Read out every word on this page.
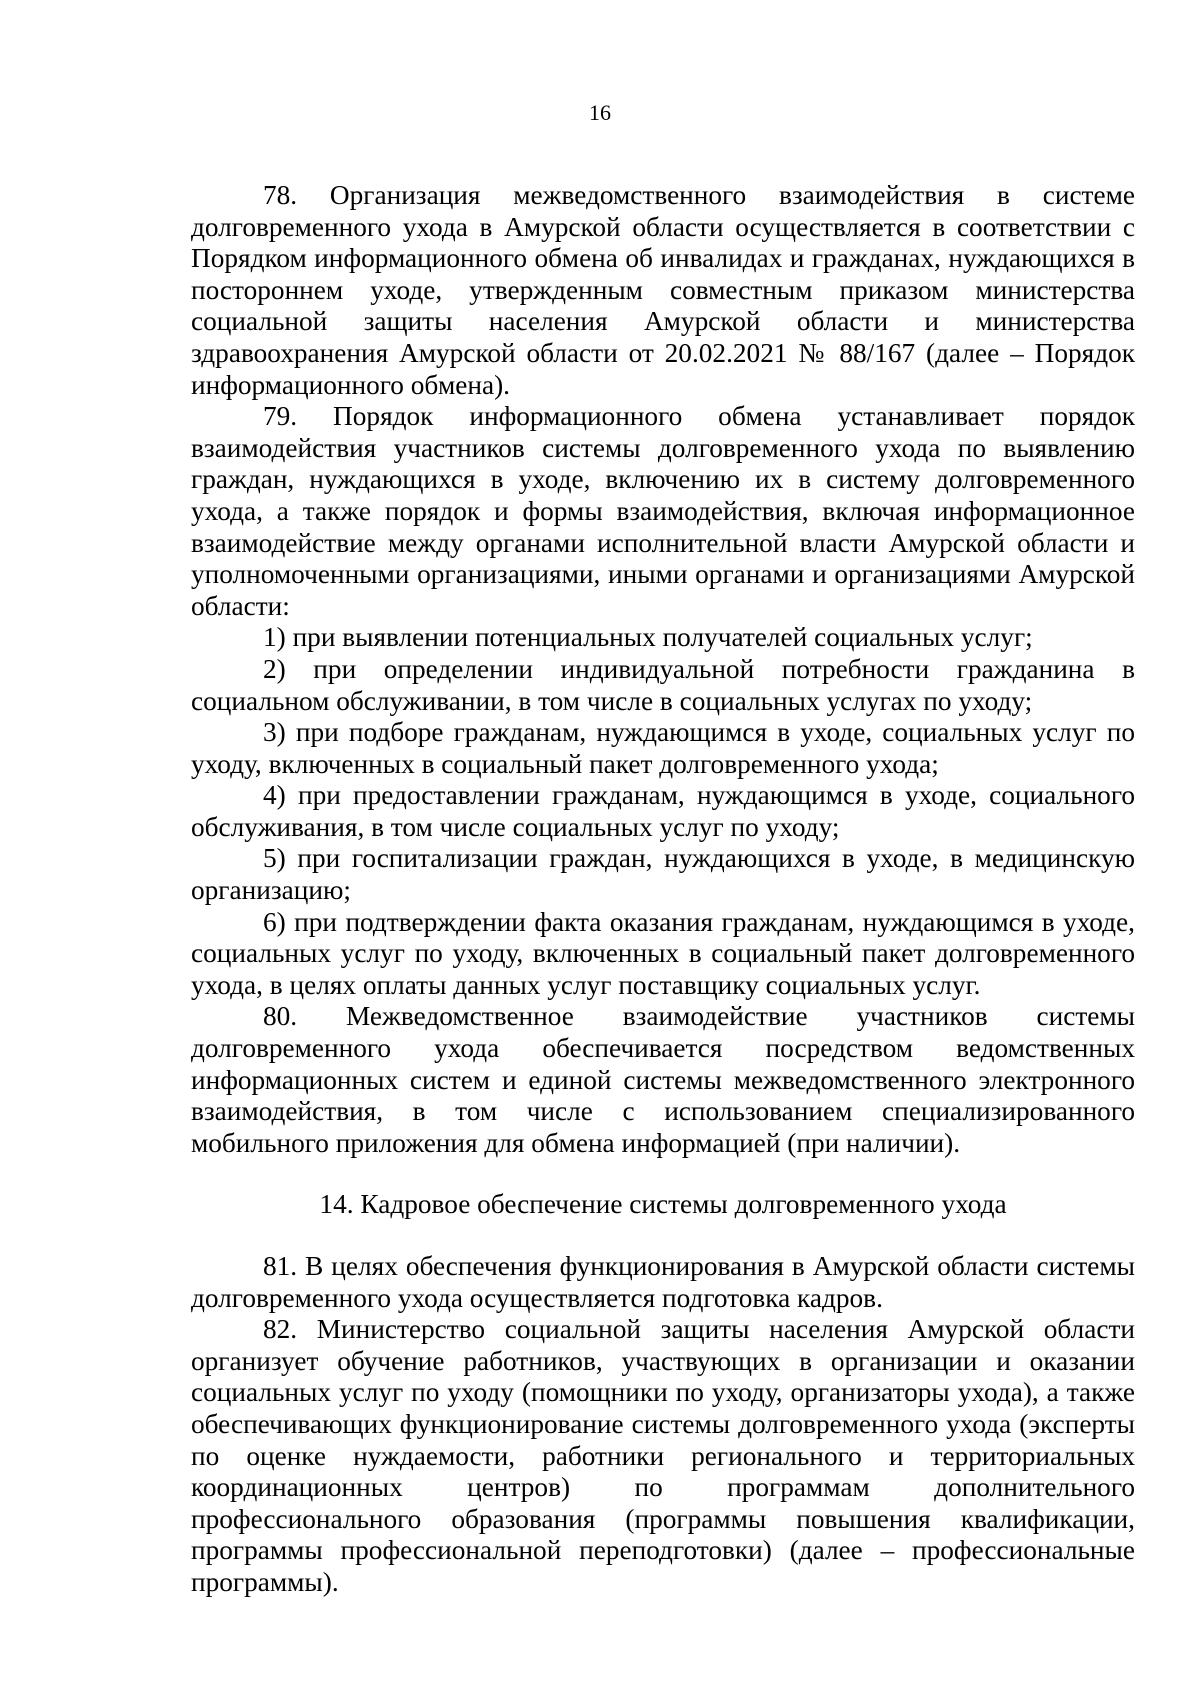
16

78. Организация межведомственного взаимодействия в системе долговременного ухода в Амурской области осуществляется в соответствии с Порядком информационного обмена об инвалидах и гражданах, нуждающихся в постороннем уходе, утвержденным совместным приказом министерства социальной защиты населения Амурской области и министерства здравоохранения Амурской области от 20.02.2021 № 88/167 (далее – Порядок информационного обмена).

79. Порядок информационного обмена устанавливает порядок взаимодействия участников системы долговременного ухода по выявлению граждан, нуждающихся в уходе, включению их в систему долговременного ухода, а также порядок и формы взаимодействия, включая информационное взаимодействие между органами исполнительной власти Амурской области и уполномоченными организациями, иными органами и организациями Амурской области:

1) при выявлении потенциальных получателей социальных услуг;

2) при определении индивидуальной потребности гражданина в социальном обслуживании, в том числе в социальных услугах по уходу;

3) при подборе гражданам, нуждающимся в уходе, социальных услуг по уходу, включенных в социальный пакет долговременного ухода;

4) при предоставлении гражданам, нуждающимся в уходе, социального обслуживания, в том числе социальных услуг по уходу;

5) при госпитализации граждан, нуждающихся в уходе, в медицинскую организацию;

6) при подтверждении факта оказания гражданам, нуждающимся в уходе, социальных услуг по уходу, включенных в социальный пакет долговременного ухода, в целях оплаты данных услуг поставщику социальных услуг.

80. Межведомственное взаимодействие участников системы долговременного ухода обеспечивается посредством ведомственных информационных систем и единой системы межведомственного электронного взаимодействия, в том числе с использованием специализированного мобильного приложения для обмена информацией (при наличии).

14. Кадровое обеспечение системы долговременного ухода

81. В целях обеспечения функционирования в Амурской области системы долговременного ухода осуществляется подготовка кадров.

82. Министерство социальной защиты населения Амурской области организует обучение работников, участвующих в организации и оказании социальных услуг по уходу (помощники по уходу, организаторы ухода), а также обеспечивающих функционирование системы долговременного ухода (эксперты по оценке нуждаемости, работники регионального и территориальных координационных центров) по программам дополнительного профессионального образования (программы повышения квалификации, программы профессиональной переподготовки) (далее – профессиональные программы).
